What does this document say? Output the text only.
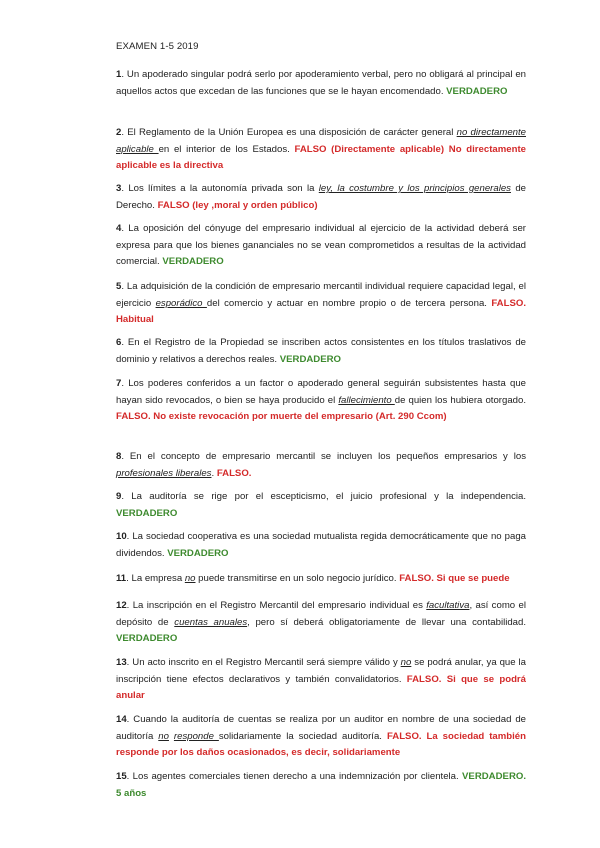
EXAMEN 1-5 2019
1. Un apoderado singular podrá serlo por apoderamiento verbal, pero no obligará al principal en aquellos actos que excedan de las funciones que se le hayan encomendado. VERDADERO
2. El Reglamento de la Unión Europea es una disposición de carácter general no directamente aplicable en el interior de los Estados. FALSO (Directamente aplicable) No directamente aplicable es la directiva
3. Los límites a la autonomía privada son la ley, la costumbre y los principios generales de Derecho. FALSO (ley ,moral y orden público)
4. La oposición del cónyuge del empresario individual al ejercicio de la actividad deberá ser expresa para que los bienes gananciales no se vean comprometidos a resultas de la actividad comercial. VERDADERO
5. La adquisición de la condición de empresario mercantil individual requiere capacidad legal, el ejercicio esporádico del comercio y actuar en nombre propio o de tercera persona. FALSO. Habitual
6. En el Registro de la Propiedad se inscriben actos consistentes en los títulos traslativos de dominio y relativos a derechos reales. VERDADERO
7. Los poderes conferidos a un factor o apoderado general seguirán subsistentes hasta que hayan sido revocados, o bien se haya producido el fallecimiento de quien los hubiera otorgado. FALSO. No existe revocación por muerte del empresario (Art. 290 Ccom)
8. En el concepto de empresario mercantil se incluyen los pequeños empresarios y los profesionales liberales. FALSO.
9. La auditoría se rige por el escepticismo, el juicio profesional y la independencia. VERDADERO
10. La sociedad cooperativa es una sociedad mutualista regida democráticamente que no paga dividendos. VERDADERO
11. La empresa no puede transmitirse en un solo negocio jurídico. FALSO. Si que se puede
12. La inscripción en el Registro Mercantil del empresario individual es facultativa, así como el depósito de cuentas anuales, pero sí deberá obligatoriamente de llevar una contabilidad. VERDADERO
13. Un acto inscrito en el Registro Mercantil será siempre válido y no se podrá anular, ya que la inscripción tiene efectos declarativos y también convalidatorios. FALSO. Si que se podrá anular
14. Cuando la auditoría de cuentas se realiza por un auditor en nombre de una sociedad de auditoría no responde solidariamente la sociedad auditoría. FALSO. La sociedad también responde por los daños ocasionados, es decir, solidariamente
15. Los agentes comerciales tienen derecho a una indemnización por clientela. VERDADERO. 5 años
